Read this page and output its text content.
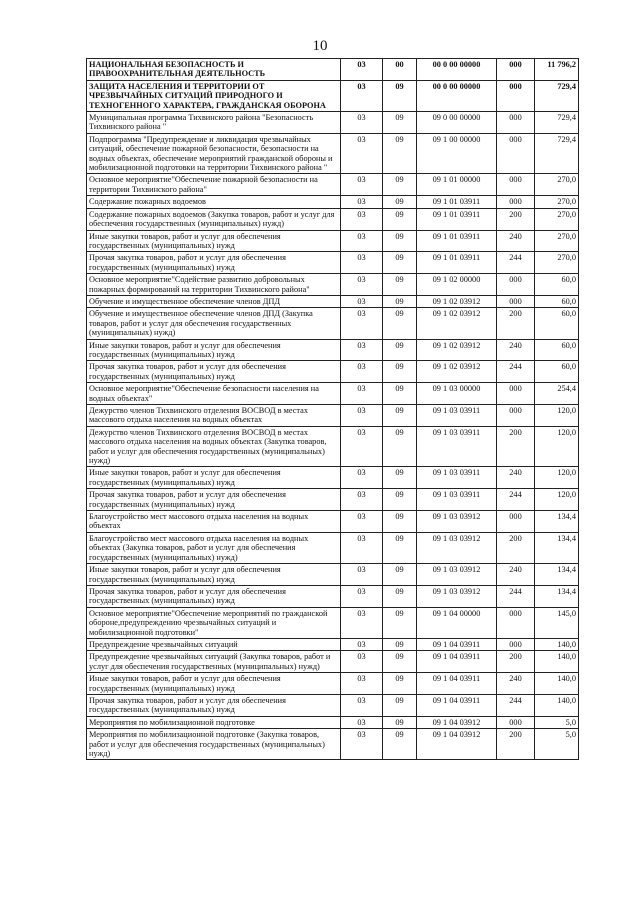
10
НАЦИОНАЛЬНАЯ БЕЗОПАСНОСТЬ И ПРАВООХРАНИТЕЛЬНАЯ ДЕЯТЕЛЬНОСТЬ	03	00	00 0 00 00000	000	11 796,2
ЗАЩИТА НАСЕЛЕНИЯ И ТЕРРИТОРИИ ОТ ЧРЕЗВЫЧАЙНЫХ СИТУАЦИЙ ПРИРОДНОГО И ТЕХНОГЕННОГО ХАРАКТЕРА, ГРАЖДАНСКАЯ ОБОРОНА	03	09	00 0 00 00000	000	729,4
Муниципальная программа Тихвинского района "Безопасность Тихвинского района "	03	09	09 0 00 00000	000	729,4
Подпрограмма "Предупреждение и ликвидация чрезвычайных ситуаций, обеспечение пожарной безопасности, безопасности на водных объектах, обеспечение мероприятий гражданской обороны и мобилизационной подготовки на территории Тихвинского района "	03	09	09 1 00 00000	000	729,4
Основное мероприятие"Обеспечение пожарной безопасности на территории Тихвинского района"	03	09	09 1 01 00000	000	270,0
Содержание пожарных водоемов	03	09	09 1 01 03911	000	270,0
Содержание пожарных водоемов (Закупка товаров, работ и услуг для обеспечения государственных (муниципальных) нужд)	03	09	09 1 01 03911	200	270,0
Иные закупки товаров, работ и услуг для обеспечения государственных (муниципальных) нужд	03	09	09 1 01 03911	240	270,0
Прочая закупка товаров, работ и услуг для обеспечения государственных (муниципальных) нужд	03	09	09 1 01 03911	244	270,0
Основное мероприятие"Содействие развитию добровольных пожарных формирований на территории Тихвинского района"	03	09	09 1 02 00000	000	60,0
Обучение и имущественное обеспечение членов ДПД	03	09	09 1 02 03912	000	60,0
Обучение и имущественное обеспечение членов ДПД (Закупка товаров, работ и услуг для обеспечения государственных (муниципальных) нужд)	03	09	09 1 02 03912	200	60,0
Иные закупки товаров, работ и услуг для обеспечения государственных (муниципальных) нужд	03	09	09 1 02 03912	240	60,0
Прочая закупка товаров, работ и услуг для обеспечения государственных (муниципальных) нужд	03	09	09 1 02 03912	244	60,0
Основное мероприятие"Обеспечение безопасности населения на водных объектах"	03	09	09 1 03 00000	000	254,4
Дежурство членов Тихвинского отделения ВОСВОД в местах массового отдыха населения на водных объектах	03	09	09 1 03 03911	000	120,0
Дежурство членов Тихвинского отделения ВОСВОД в местах массового отдыха населения на водных объектах (Закупка товаров, работ и услуг для обеспечения государственных (муниципальных) нужд)	03	09	09 1 03 03911	200	120,0
Иные закупки товаров, работ и услуг для обеспечения государственных (муниципальных) нужд	03	09	09 1 03 03911	240	120,0
Прочая закупка товаров, работ и услуг для обеспечения государственных (муниципальных) нужд	03	09	09 1 03 03911	244	120,0
Благоустройство мест массового отдыха населения на водных объектах	03	09	09 1 03 03912	000	134,4
Благоустройство мест массового отдыха населения на водных объектах (Закупка товаров, работ и услуг для обеспечения государственных (муниципальных) нужд)	03	09	09 1 03 03912	200	134,4
Иные закупки товаров, работ и услуг для обеспечения государственных (муниципальных) нужд	03	09	09 1 03 03912	240	134,4
Прочая закупка товаров, работ и услуг для обеспечения государственных (муниципальных) нужд	03	09	09 1 03 03912	244	134,4
Основное мероприятие"Обеспечение мероприятий по гражданской обороне,предупреждению чрезвычайных ситуаций и мобилизационной подготовки"	03	09	09 1 04 00000	000	145,0
Предупреждение чрезвычайных ситуаций	03	09	09 1 04 03911	000	140,0
Предупреждение чрезвычайных ситуаций (Закупка товаров, работ и услуг для обеспечения государственных (муниципальных) нужд)	03	09	09 1 04 03911	200	140,0
Иные закупки товаров, работ и услуг для обеспечения государственных (муниципальных) нужд	03	09	09 1 04 03911	240	140,0
Прочая закупка товаров, работ и услуг для обеспечения государственных (муниципальных) нужд	03	09	09 1 04 03911	244	140,0
Мероприятия по мобилизационной подготовке	03	09	09 1 04 03912	000	5,0
Мероприятия по мобилизационной подготовке (Закупка товаров, работ и услуг для обеспечения государственных (муниципальных) нужд)	03	09	09 1 04 03912	200	5,0
